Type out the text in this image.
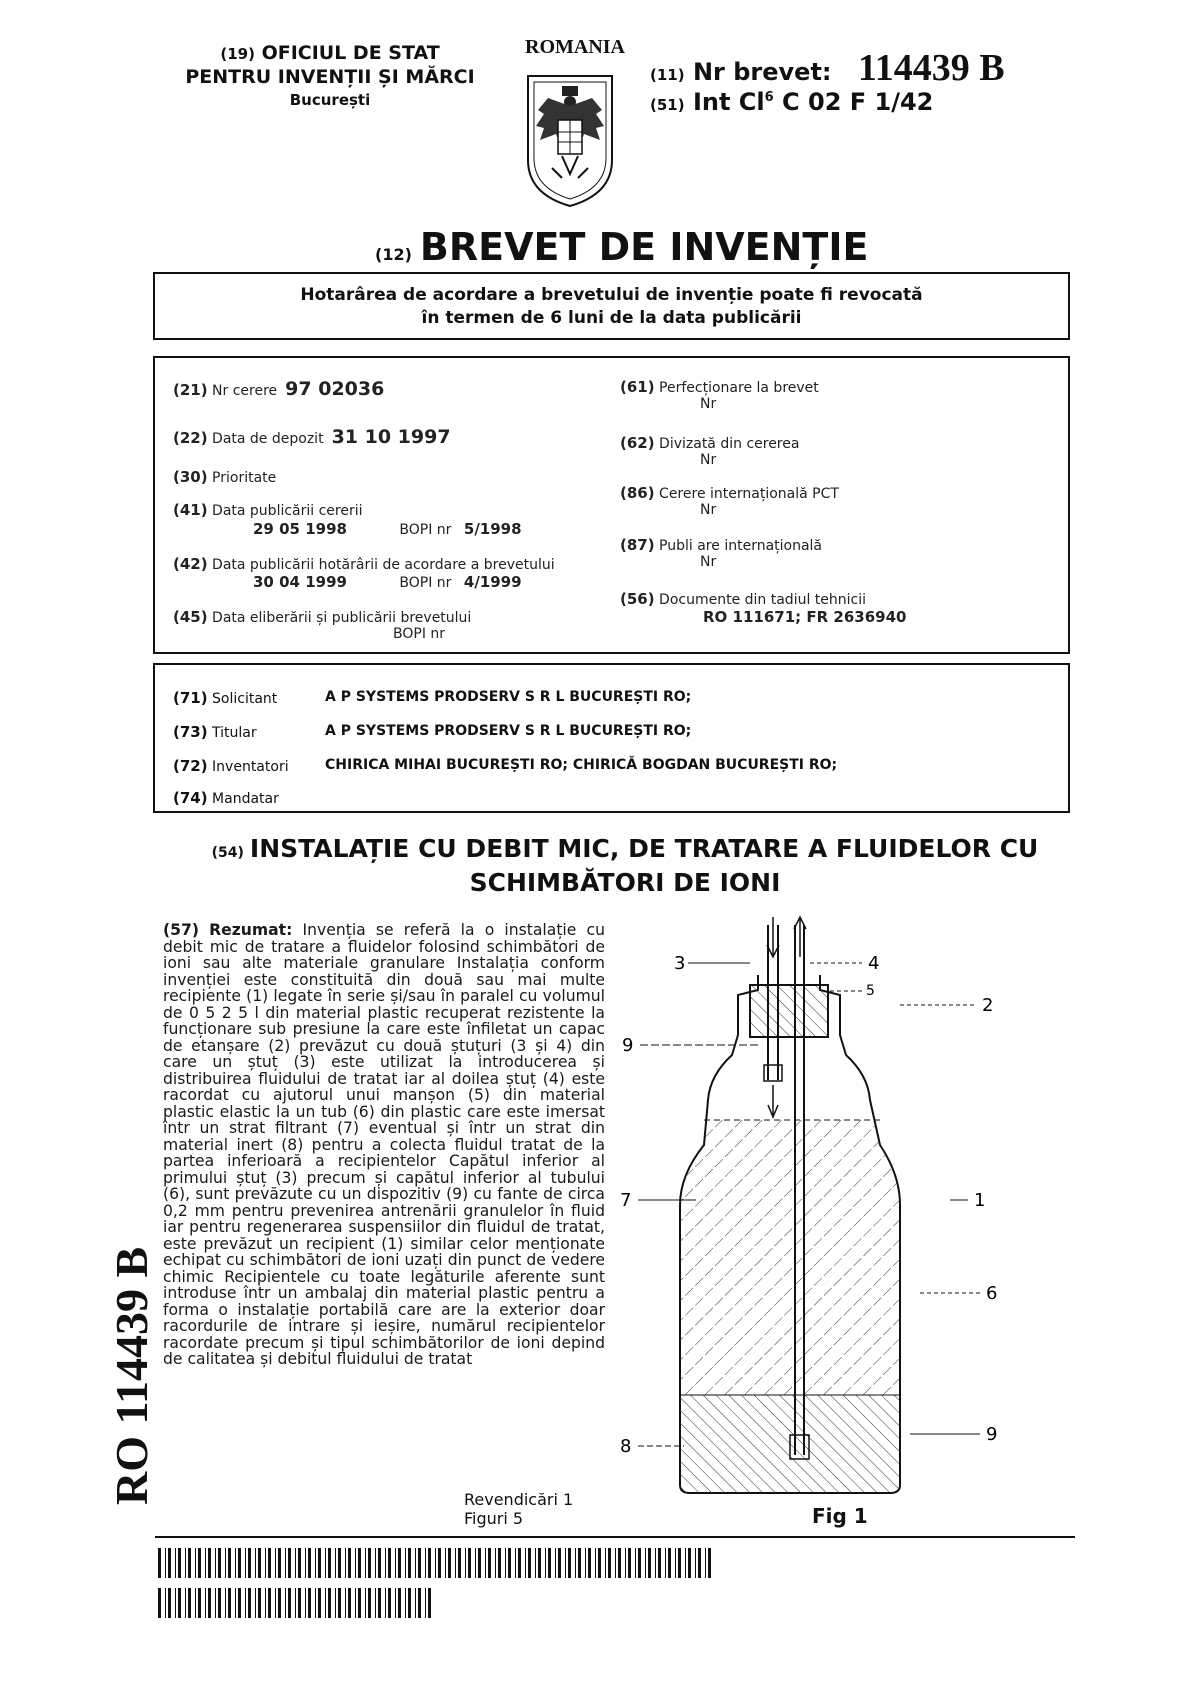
(19) OFICIUL DE STAT
PENTRU INVENȚII ȘI MĂRCI
București
ROMANIA
(11) Nr brevet: 114439 B
(51) Int Cl$^6$ C 02 F 1/42
(12) BREVET DE INVENȚIE
Hotarârea de acordare a brevetului de invenție poate fi revocată
în termen de 6 luni de la data publicării
(21) Nr cerere 97 02036
(22) Data de depozit 31 10 1997
(30) Prioritate
(41) Data publicării cererii
29 05 1998	BOPI nr 5/1998
(42) Data publicării hotărârii de acordare a brevetului
30 04 1999	BOPI nr 4/1999
(45) Data eliberării și publicării brevetului
BOPI nr
(61) Perfecționare la brevet
Nr
(62) Divizată din cererea
Nr
(86) Cerere internațională PCT
Nr
(87) Publi are internațională
Nr
(56) Documente din tadiul tehnicii
RO 111671; FR 2636940
(71) Solicitant	A P SYSTEMS PRODSERV S R L BUCUREȘTI RO;
(73) Titular	A P SYSTEMS PRODSERV S R L BUCUREȘTI RO;
(72) Inventatori	CHIRICA MIHAI BUCUREȘTI RO; CHIRICĂ BOGDAN BUCUREȘTI RO;
(74) Mandatar
(54) INSTALAȚIE CU DEBIT MIC, DE TRATARE A FLUIDELOR CU
SCHIMBĂTORI DE IONI
(57) Rezumat: Invenția se referă la o instalație cu debit mic de tratare a fluidelor folosind schimbători de ioni sau alte materiale granulare Instalația conform invenției este constituită din două sau mai multe recipiente (1) legate în serie și/sau în paralel cu volumul de 0 5 2 5 l din material plastic recuperat rezistente la funcționare sub presiune la care este înfiletat un capac de etanșare (2) prevăzut cu două ștuțuri (3 și 4) din care un ștuț (3) este utilizat la introducerea și distribuirea fluidului de tratat iar al doilea ștuț (4) este racordat cu ajutorul unui manșon (5) din material plastic elastic la un tub (6) din plastic care este imersat într un strat filtrant (7) eventual și într un strat din material inert (8) pentru a colecta fluidul tratat de la partea inferioară a recipientelor Capătul inferior al primului ștuț (3) precum și capătul inferior al tubului (6), sunt prevăzute cu un dispozitiv (9) cu fante de circa 0,2 mm pentru prevenirea antrenării granulelor în fluid iar pentru regenerarea suspensiilor din fluidul de tratat, este prevăzut un recipient (1) similar celor menționate echipat cu schimbători de ioni uzați din punct de vedere chimic Recipientele cu toate legăturile aferente sunt introduse într un ambalaj din material plastic pentru a forma o instalație portabilă care are la exterior doar racordurile de intrare și ieșire, numărul recipientelor racordate precum și tipul schimbătorilor de ioni depind de calitatea și debitul fluidului de tratat
Revendicări 1
Figuri 5
3	4
5
2
9
7	1
6
8
9
Fig 1
RO 114439 B
